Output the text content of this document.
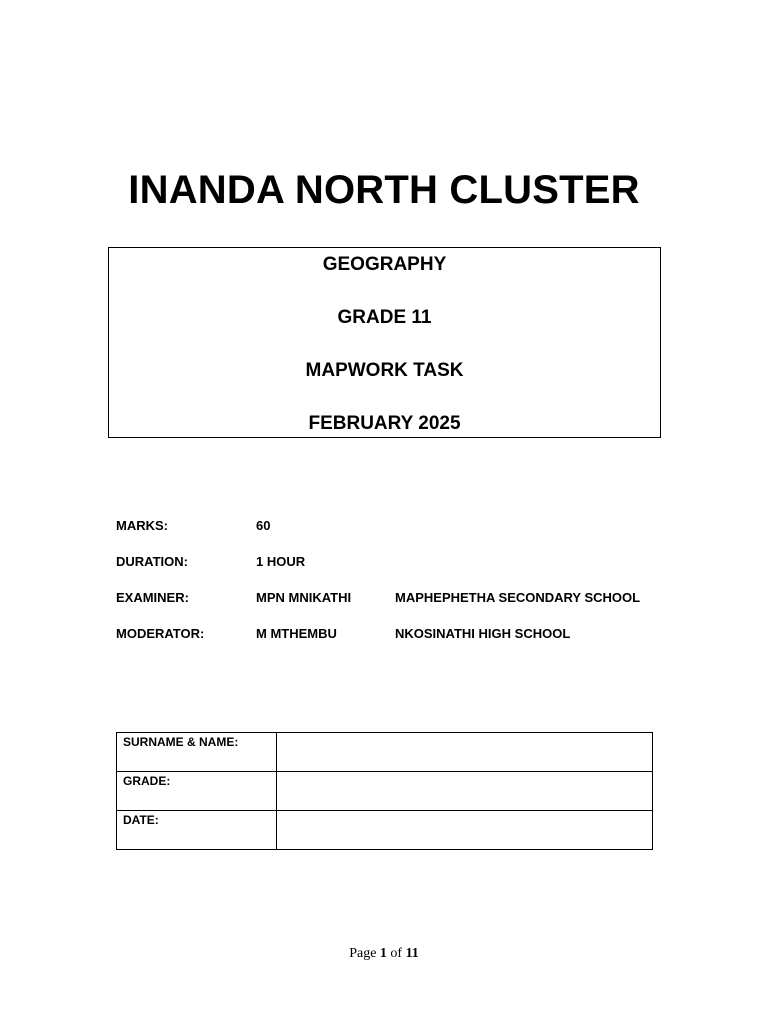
INANDA NORTH CLUSTER
GEOGRAPHY
GRADE 11
MAPWORK TASK
FEBRUARY 2025
MARKS:	60
DURATION:	1 HOUR
EXAMINER:	MPN MNIKATHI	MAPHEPHETHA SECONDARY SCHOOL
MODERATOR:	M MTHEMBU	NKOSINATHI HIGH SCHOOL
SURNAME & NAME:	
GRADE:	
DATE:	
Page 1 of 11
